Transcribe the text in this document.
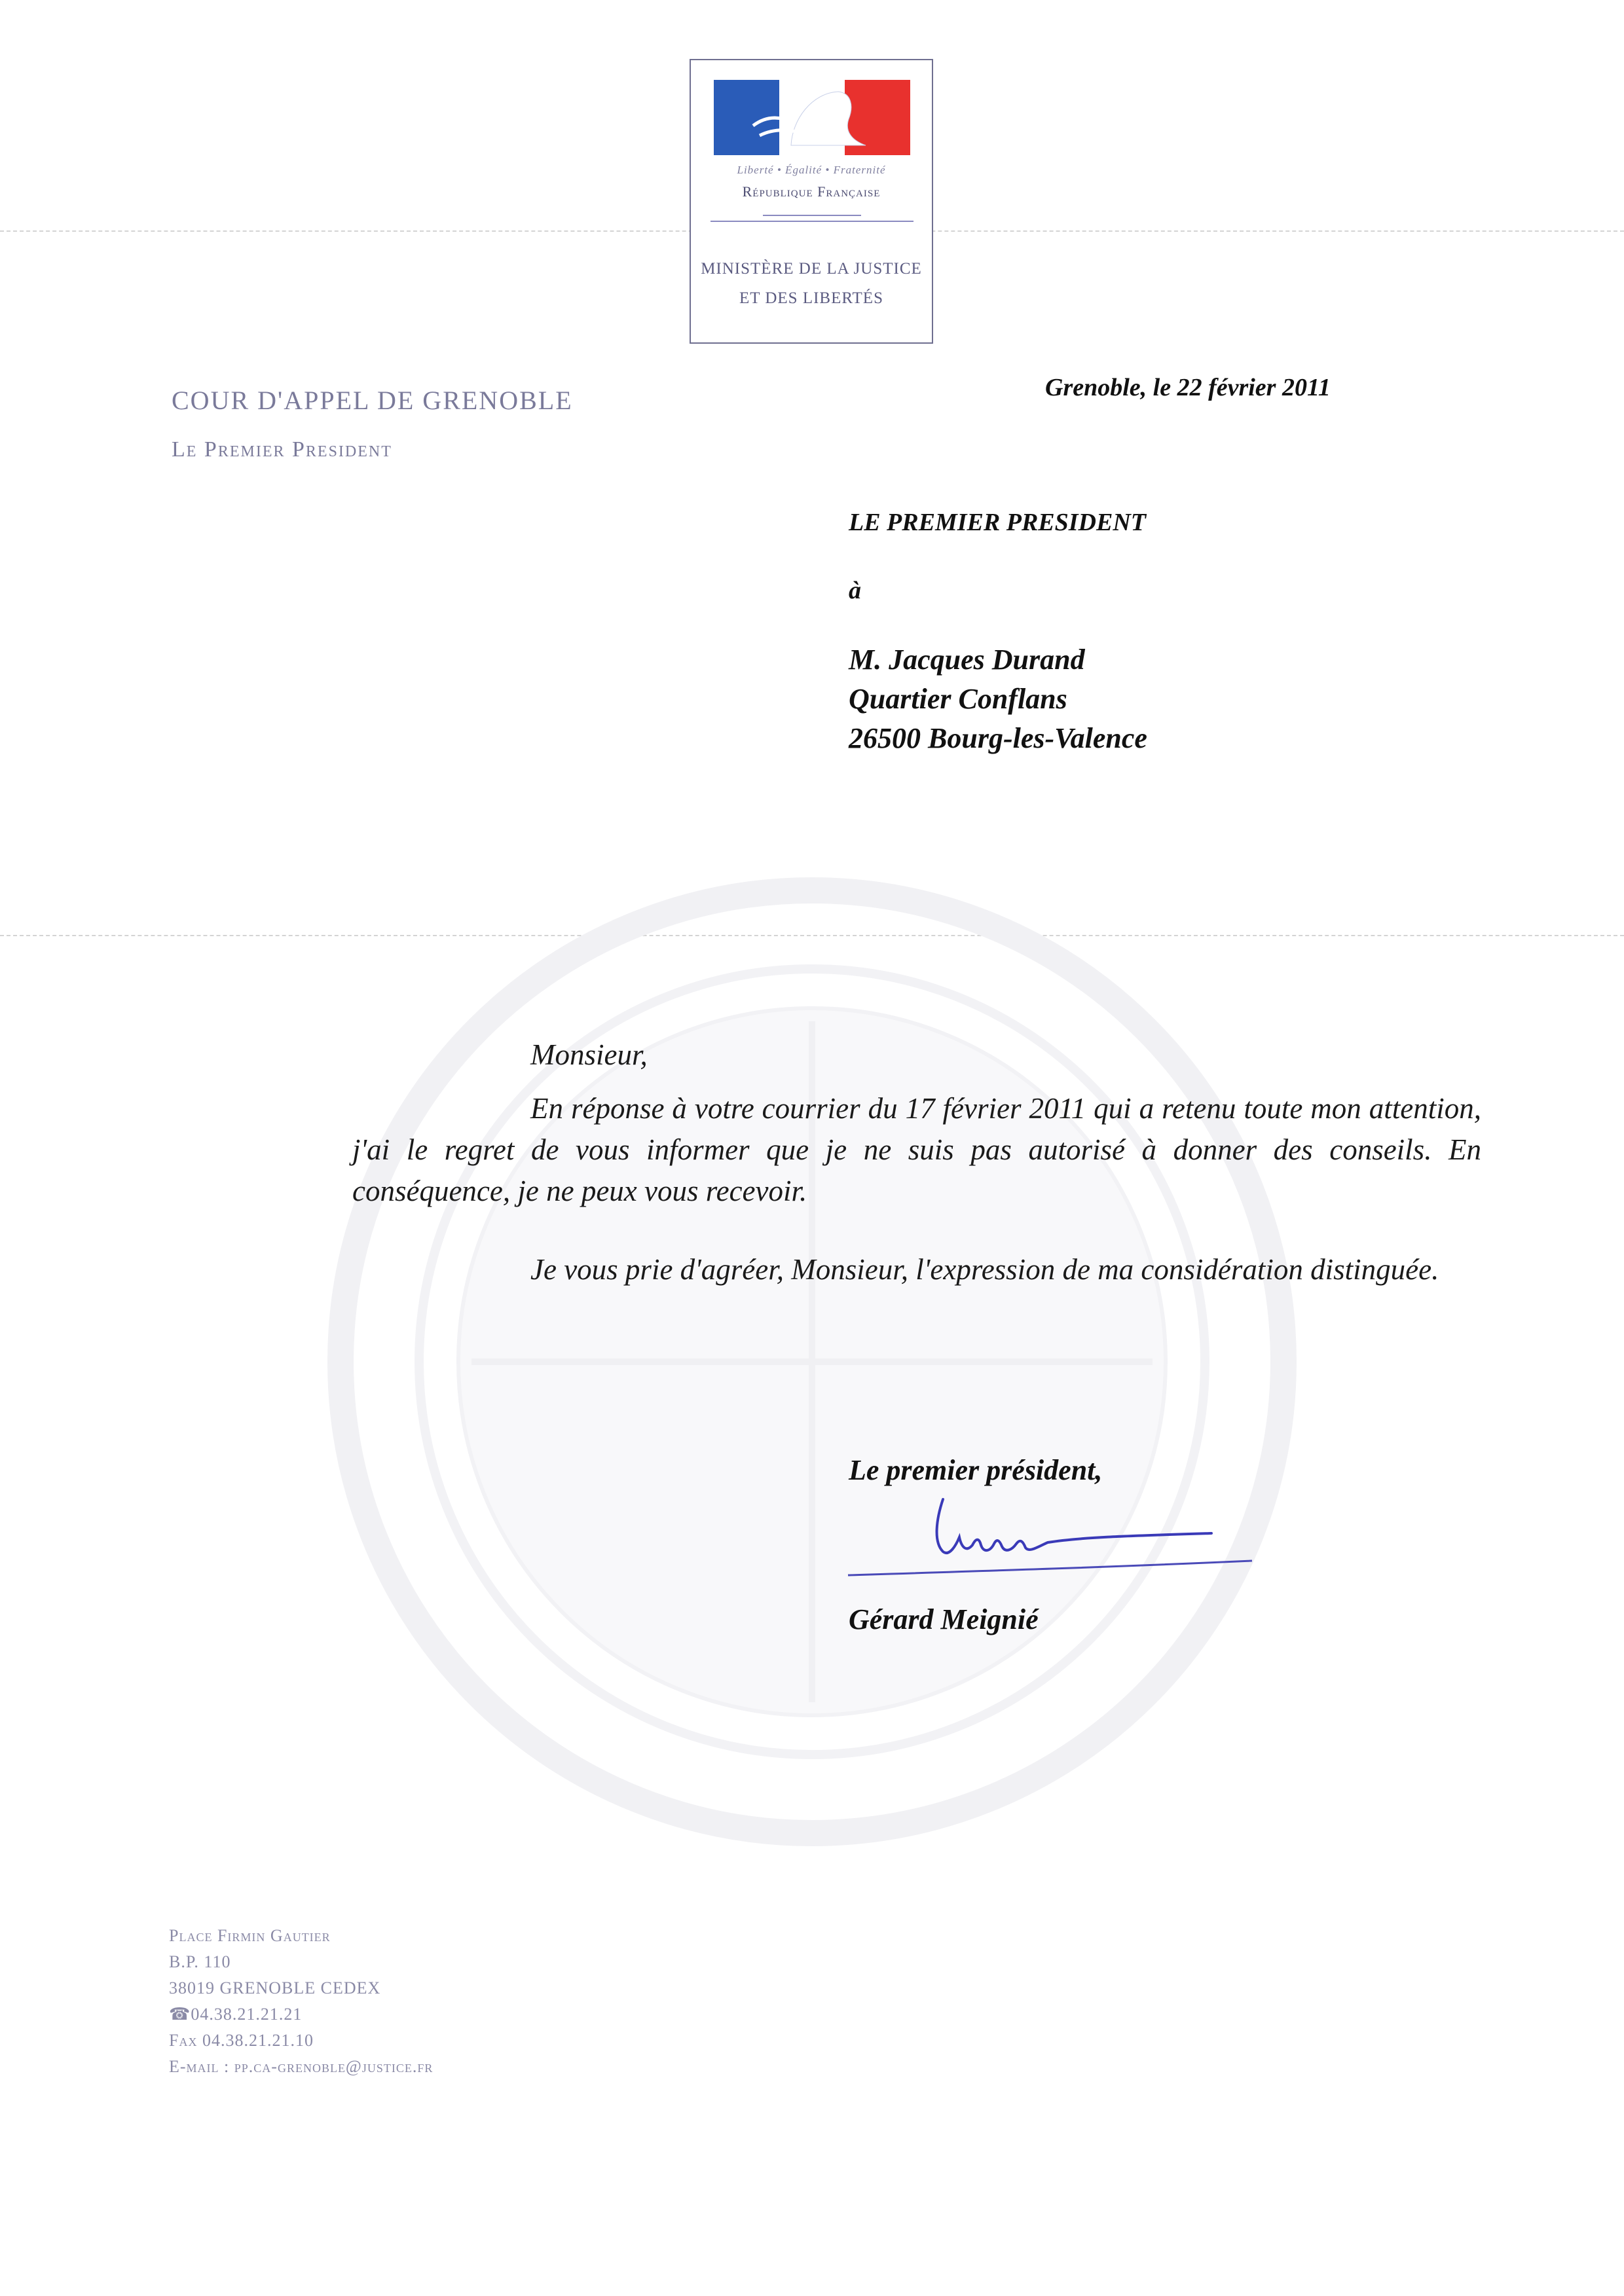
Liberté • Égalité • Fraternité
République Française
MINISTÈRE DE LA JUSTICE
ET DES LIBERTÉS
COUR D'APPEL DE GRENOBLE
Le Premier President
Grenoble, le 22 février 2011
LE PREMIER PRESIDENT
à
M. Jacques Durand
Quartier Conflans
26500 Bourg-les-Valence
Monsieur,
En réponse à votre courrier du 17 février 2011 qui a retenu toute mon attention, j'ai le regret de vous informer que je ne suis pas autorisé à donner des conseils. En conséquence, je ne peux vous recevoir.
Je vous prie d'agréer, Monsieur, l'expression de ma considération distinguée.
Le premier président,
Gérard Meignié
Place Firmin Gautier
B.P. 110
38019 GRENOBLE CEDEX
☎04.38.21.21.21
Fax 04.38.21.21.10
E-mail : pp.ca-grenoble@justice.fr
